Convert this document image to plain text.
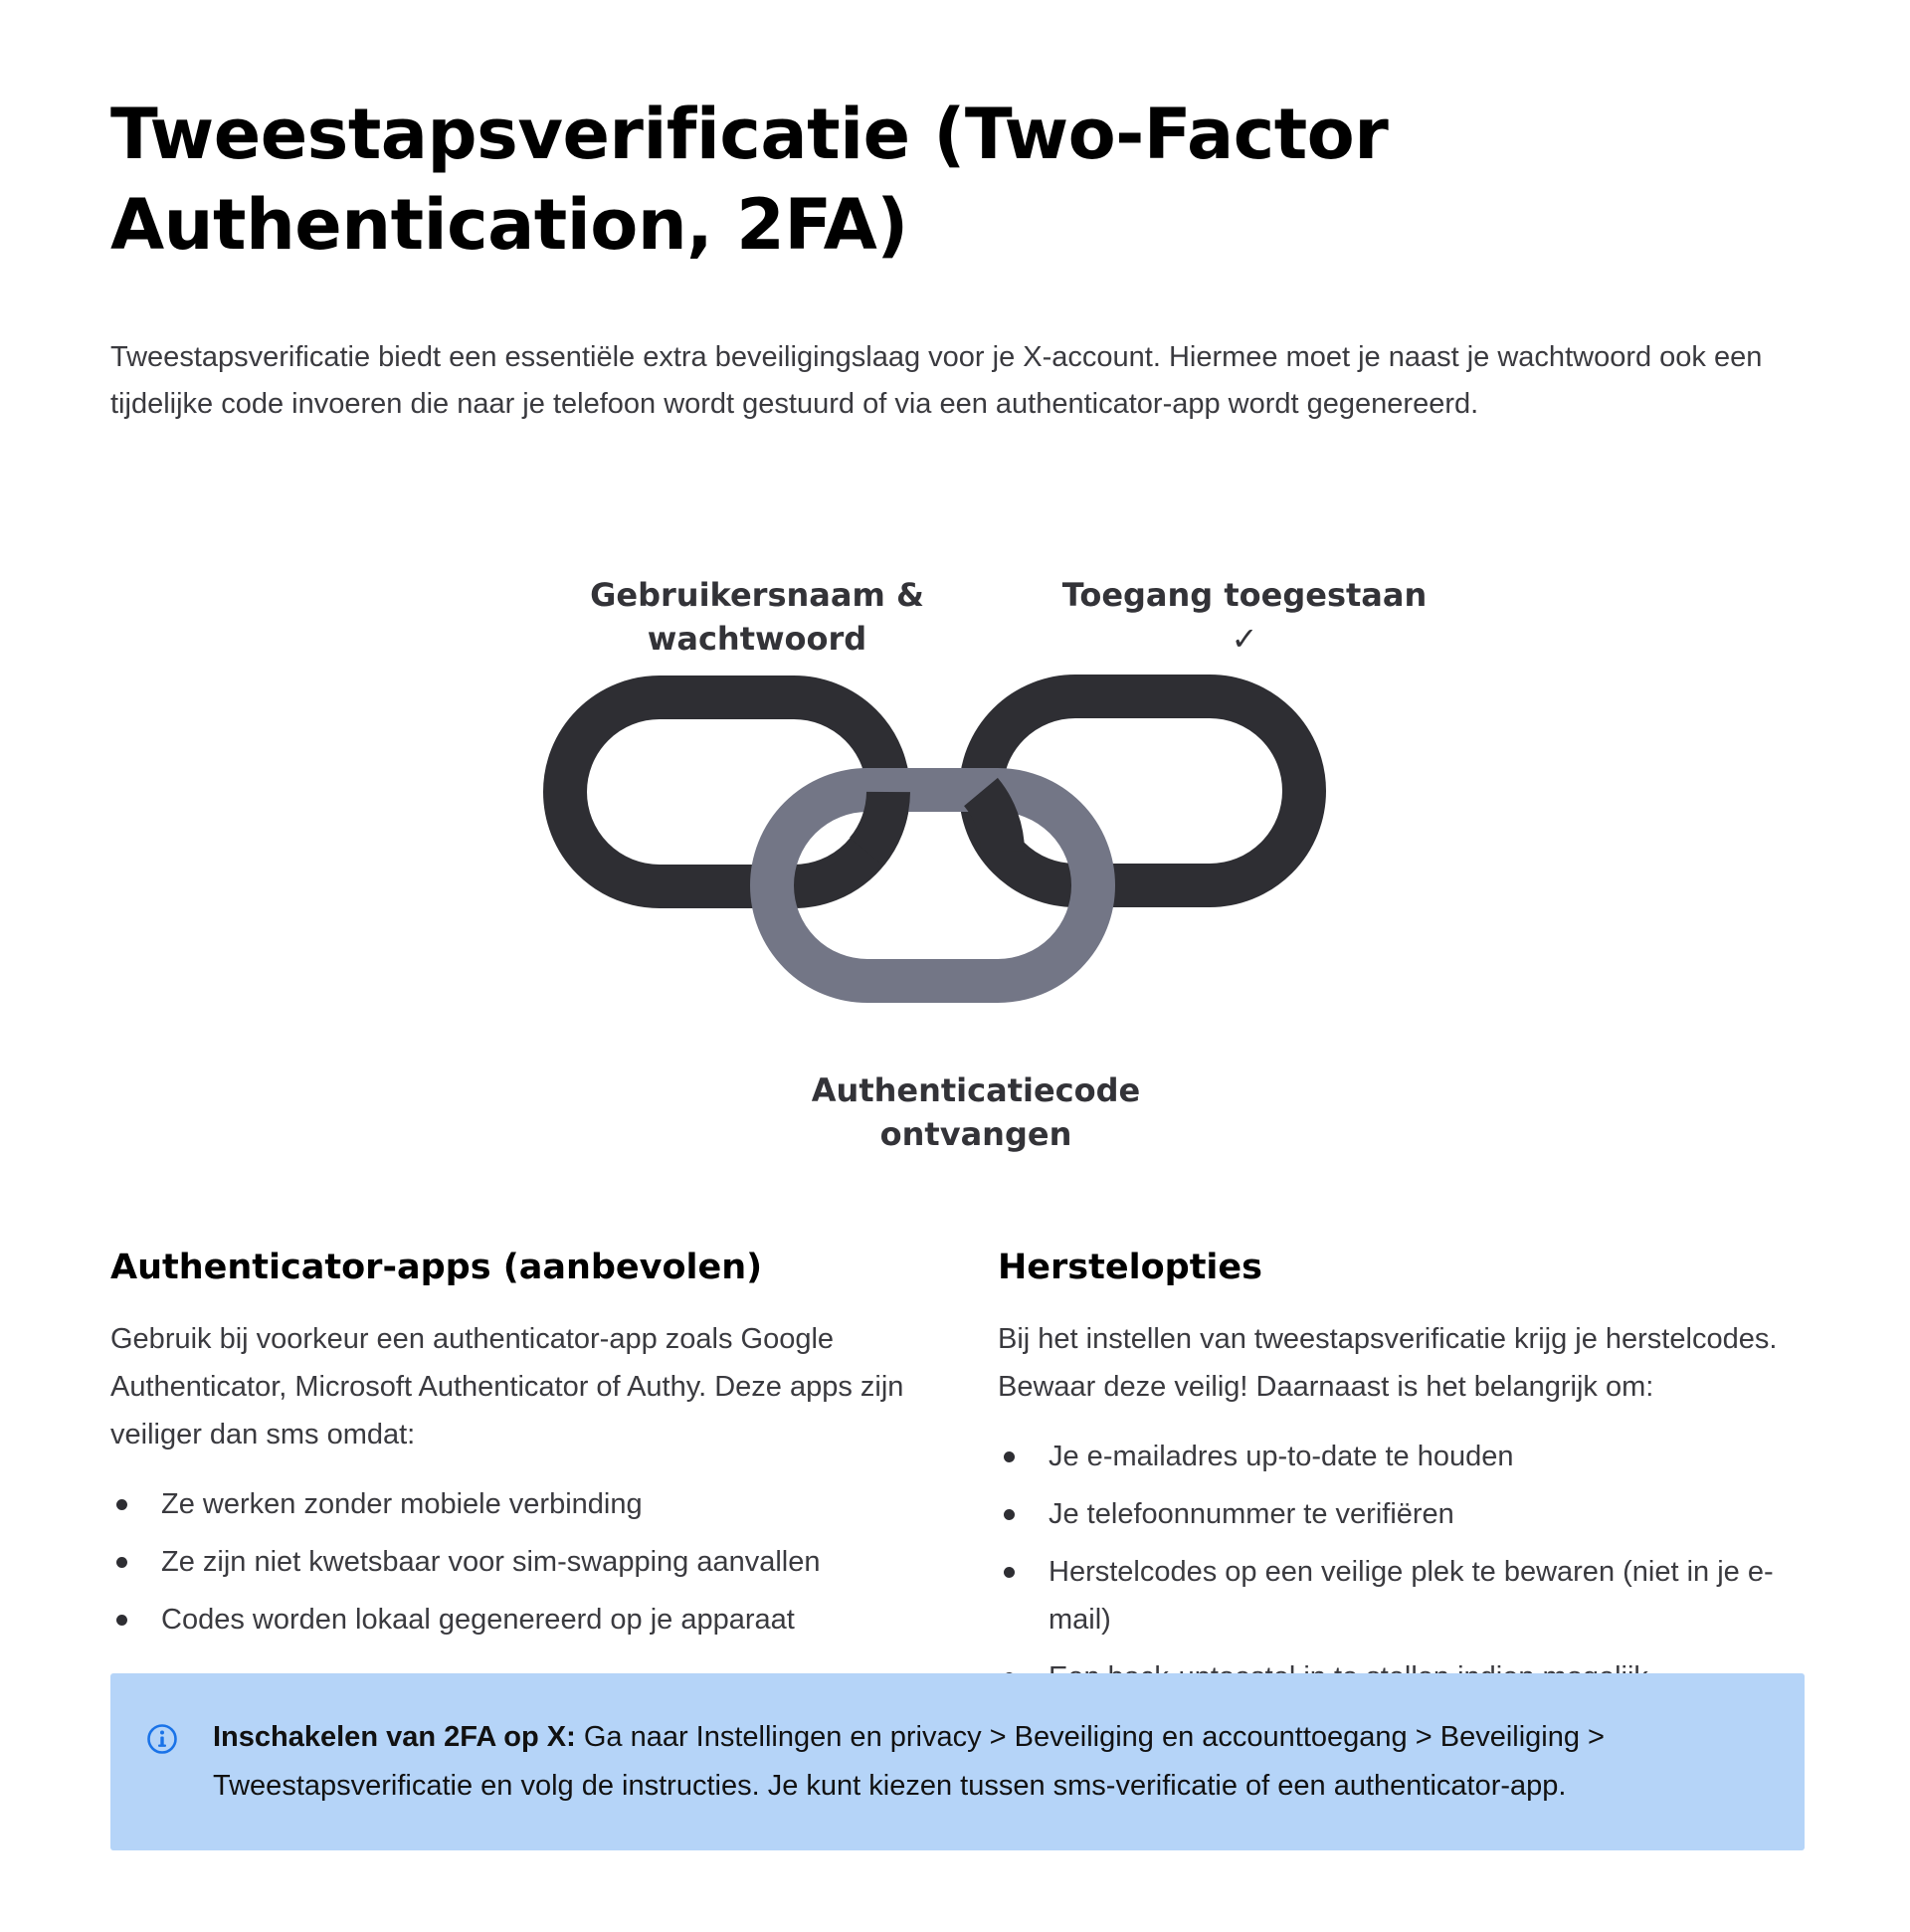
Tweestapsverificatie (Two-Factor Authentication, 2FA)

Tweestapsverificatie biedt een essentiële extra beveiligingslaag voor je X-account. Hiermee moet je naast je wachtwoord ook een tijdelijke code invoeren die naar je telefoon wordt gestuurd of via een authenticator-app wordt gegenereerd.

Gebruikersnaam & wachtwoord
Toegang toegestaan ✓
Authenticatiecode ontvangen
Authenticator-apps (aanbevolen)

Gebruik bij voorkeur een authenticator-app zoals Google Authenticator, Microsoft Authenticator of Authy. Deze apps zijn veiliger dan sms omdat:

Ze werken zonder mobiele verbinding
Ze zijn niet kwetsbaar voor sim-swapping aanvallen
Codes worden lokaal gegenereerd op je apparaat
Herstelopties

Bij het instellen van tweestapsverificatie krijg je herstelcodes. Bewaar deze veilig! Daarnaast is het belangrijk om:

Je e-mailadres up-to-date te houden
Je telefoonnummer te verifiëren
Herstelcodes op een veilige plek te bewaren (niet in je e-mail)

Inschakelen van 2FA op X: Ga naar Instellingen en privacy > Beveiliging en accounttoegang > Beveiliging > Tweestapsverificatie en volg de instructies. Je kunt kiezen tussen sms-verificatie of een authenticator-app.
